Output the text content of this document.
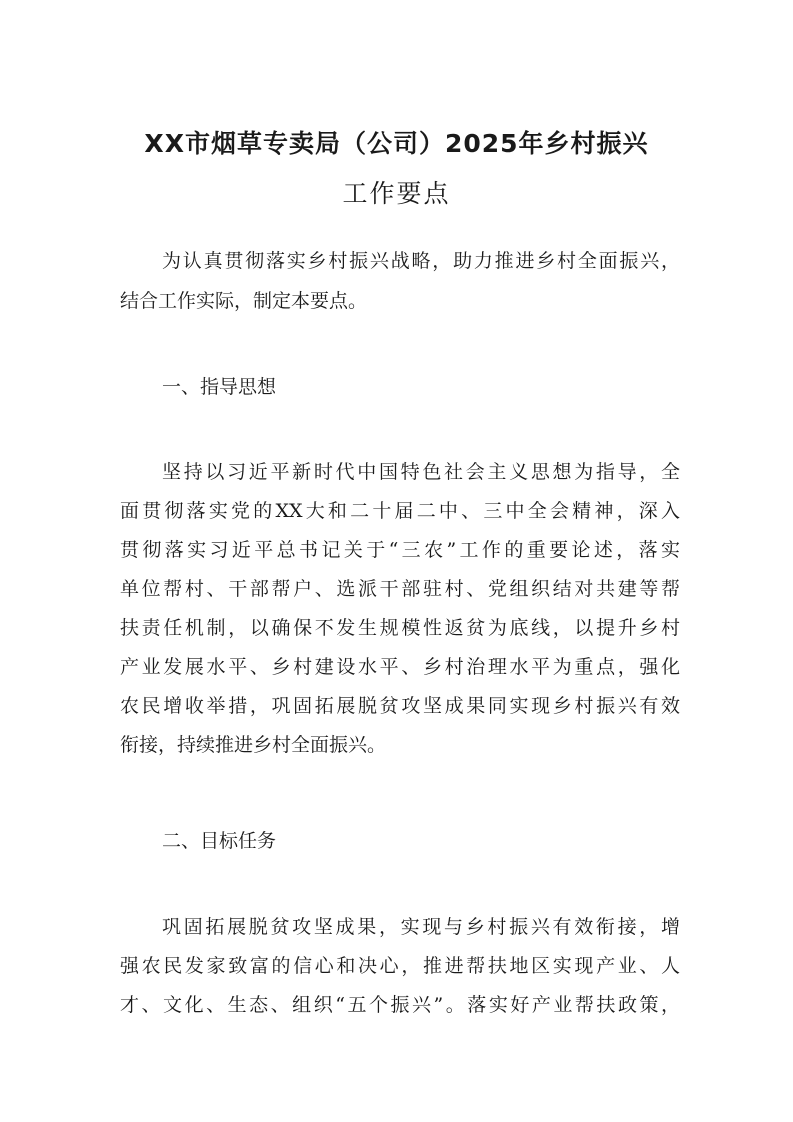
XX市烟草专卖局（公司）2025年乡村振兴
工作要点
为认真贯彻落实乡村振兴战略，助力推进乡村全面振兴，
结合工作实际，制定本要点。
一、指导思想
坚持以习近平新时代中国特色社会主义思想为指导，全
面贯彻落实党的XX大和二十届二中、三中全会精神，深入
贯彻落实习近平总书记关于“三农”工作的重要论述，落实
单位帮村、干部帮户、选派干部驻村、党组织结对共建等帮
扶责任机制，以确保不发生规模性返贫为底线，以提升乡村
产业发展水平、乡村建设水平、乡村治理水平为重点，强化
农民增收举措，巩固拓展脱贫攻坚成果同实现乡村振兴有效
衔接，持续推进乡村全面振兴。
二、目标任务
巩固拓展脱贫攻坚成果，实现与乡村振兴有效衔接，增
强农民发家致富的信心和决心，推进帮扶地区实现产业、人
才、文化、生态、组织“五个振兴”。落实好产业帮扶政策，
